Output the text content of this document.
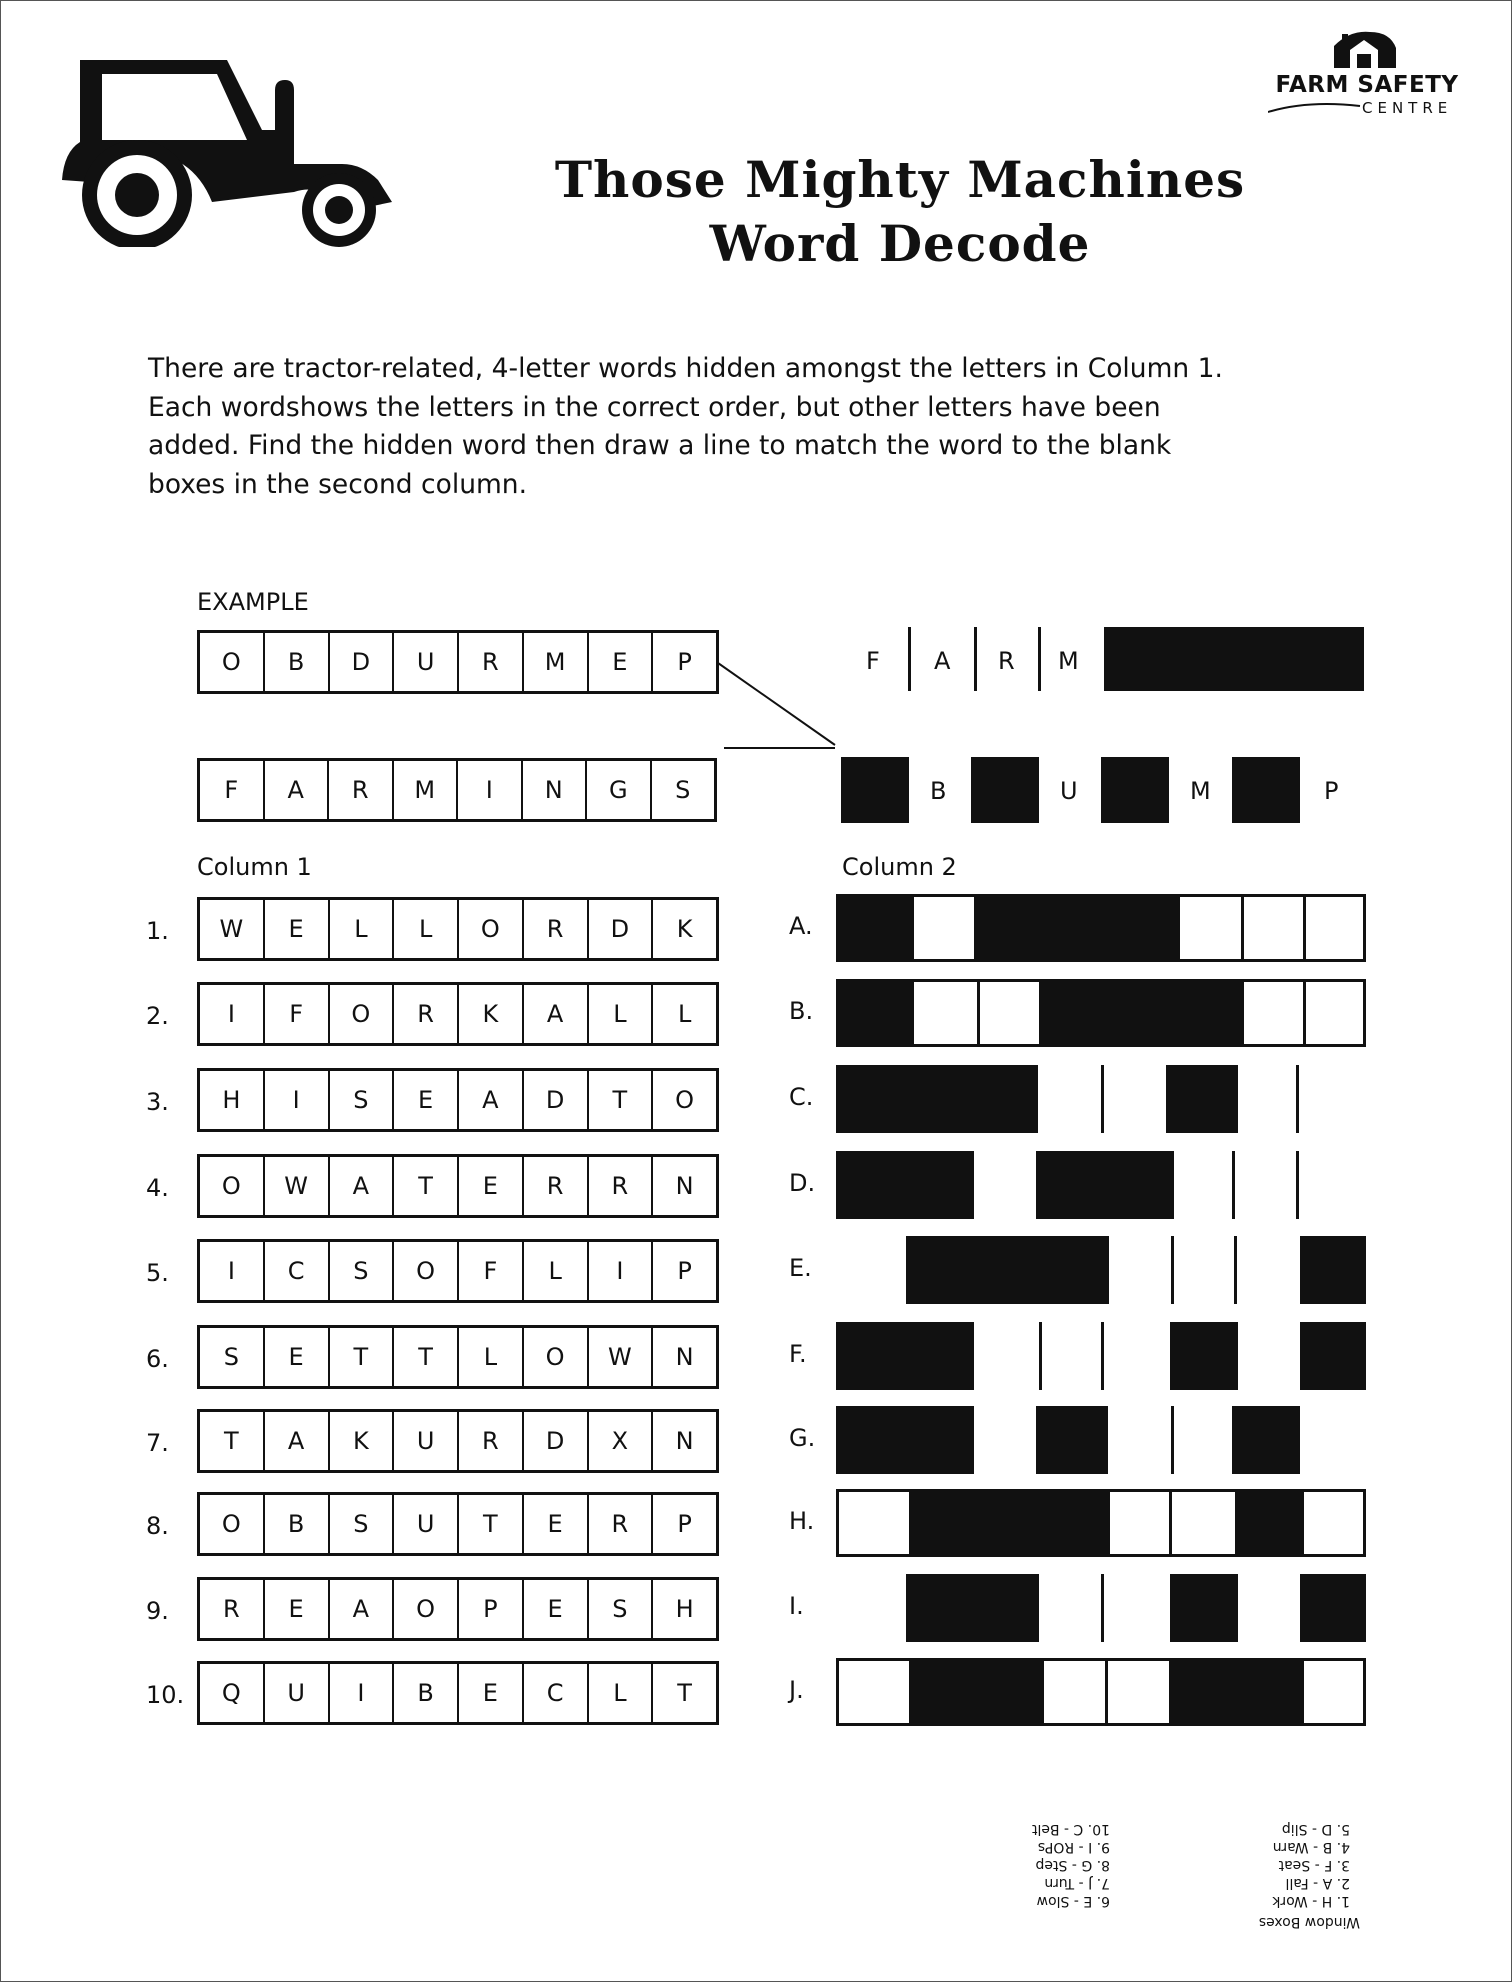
FARM SAFETY
CENTRE
Those Mighty Machines
Word Decode
There are tractor-related, 4-letter words hidden amongst the letters in Column 1. Each wordshows the letters in the correct order, but other letters have been added. Find the hidden word then draw a line to match the word to the blank boxes in the second column.
EXAMPLE
O	B	D	U	R	M	E	P
F	A	R	M	I	N	G	S
F A R M
B	U	M	P
Column 1	Column 2
1.	W	E	L	L	O	R	D	K
2.	I	F	O	R	K	A	L	L
3.	H	I	S	E	A	D	T	O
4.	O	W	A	T	E	R	R	N
5.	I	C	S	O	F	L	I	P
6.	S	E	T	T	L	O	W	N
7.	T	A	K	U	R	D	X	N
8.	O	B	S	U	T	E	R	P
9.	R	E	A	O	P	E	S	H
10.	Q	U	I	B	E	C	L	T
A.
B.
C.
D.
E.
F.
G.
H.
I.
J.
Window Boxes
1. H - Work
2. A - Fall
3. F - Seat
4. B - Warn
5. D - Slip
6. E - Slow
7. J - Turn
8. G - Step
9. I - ROPs
10. C - Belt
